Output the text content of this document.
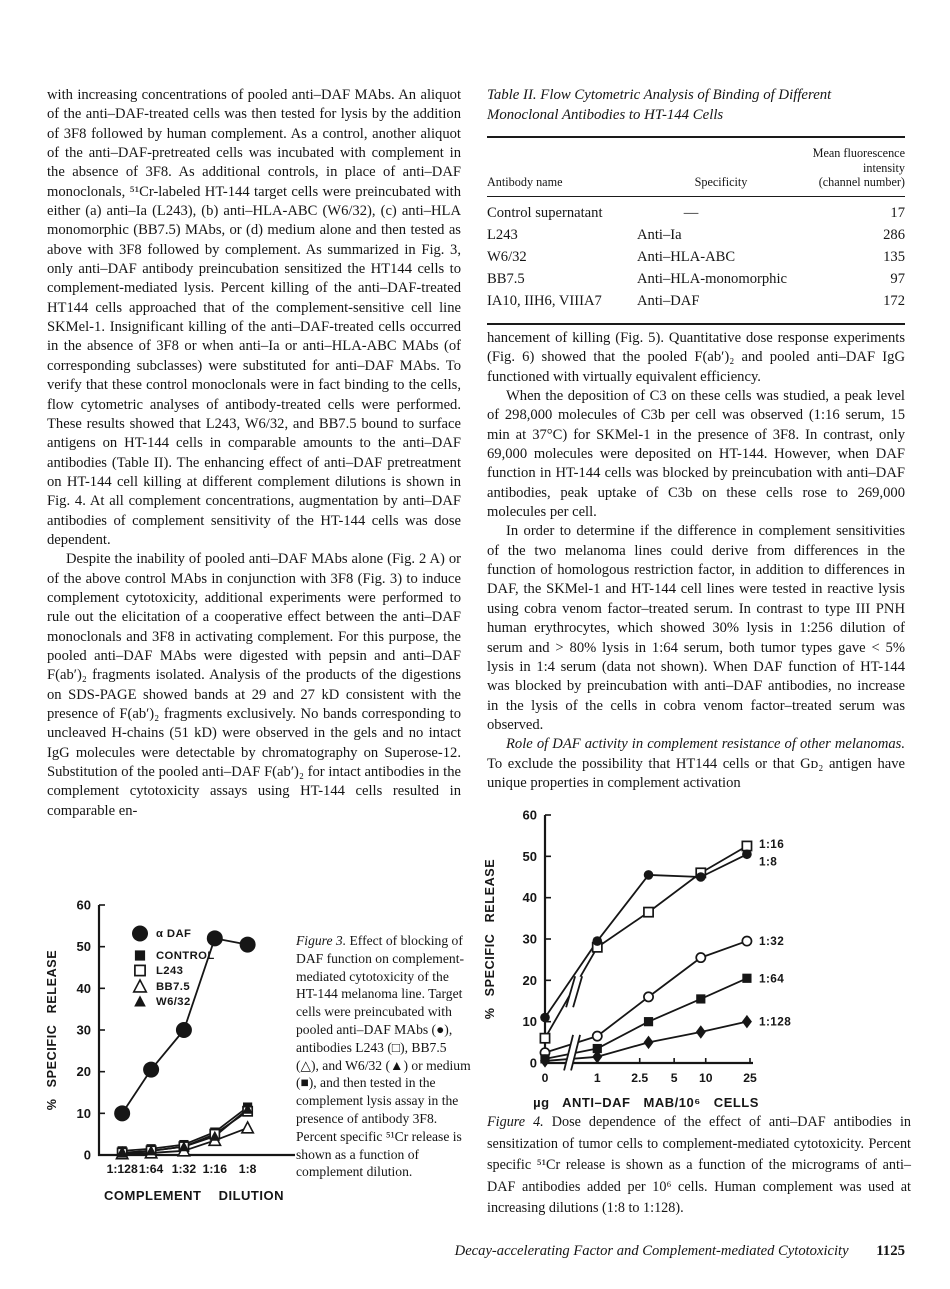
with increasing concentrations of pooled anti–DAF MAbs. An aliquot of the anti–DAF-treated cells was then tested for lysis by the addition of 3F8 followed by human complement. As a control, another aliquot of the anti–DAF-pretreated cells was incubated with complement in the absence of 3F8. As additional controls, in place of anti–DAF monoclonals, ⁵¹Cr-labeled HT-144 target cells were preincubated with either (a) anti–Ia (L243), (b) anti–HLA-ABC (W6/32), (c) anti–HLA monomorphic (BB7.5) MAbs, or (d) medium alone and then tested as above with 3F8 followed by complement. As summarized in Fig. 3, only anti–DAF antibody preincubation sensitized the HT144 cells to complement-mediated lysis. Percent killing of the anti–DAF-treated HT144 cells approached that of the complement-sensitive cell line SKMel-1. Insignificant killing of the anti–DAF-treated cells occurred in the absence of 3F8 or when anti–Ia or anti–HLA-ABC MAbs (of corresponding subclasses) were substituted for anti–DAF MAbs. To verify that these control monoclonals were in fact binding to the cells, flow cytometric analyses of antibody-treated cells were performed. These results showed that L243, W6/32, and BB7.5 bound to surface antigens on HT-144 cells in comparable amounts to the anti–DAF antibodies (Table II). The enhancing effect of anti–DAF pretreatment on HT-144 cell killing at different complement dilutions is shown in Fig. 4. At all complement concentrations, augmentation by anti–DAF antibodies of complement sensitivity of the HT-144 cells was dose dependent.

Despite the inability of pooled anti–DAF MAbs alone (Fig. 2 A) or of the above control MAbs in conjunction with 3F8 (Fig. 3) to induce complement cytotoxicity, additional experiments were performed to rule out the elicitation of a cooperative effect between the anti–DAF monoclonals and 3F8 in activating complement. For this purpose, the pooled anti–DAF MAbs were digested with pepsin and anti–DAF F(ab′)₂ fragments isolated. Analysis of the products of the digestions on SDS-PAGE showed bands at 29 and 27 kD consistent with the presence of F(ab′)₂ fragments exclusively. No bands corresponding to uncleaved H-chains (51 kD) were observed in the gels and no intact IgG molecules were detectable by chromatography on Superose-12. Substitution of the pooled anti–DAF F(ab′)₂ for intact antibodies in the complement cytotoxicity assays using HT-144 cells resulted in comparable en-

Table II. Flow Cytometric Analysis of Binding of Different Monoclonal Antibodies to HT-144 Cells
Antibody name	Specificity	Mean fluorescence
intensity
(channel number)
Control supernatant	—	17
L243	Anti–Ia	286
W6/32	Anti–HLA-ABC	135
BB7.5	Anti–HLA-monomorphic	97
IA10, IIH6, VIIIA7	Anti–DAF	172

hancement of killing (Fig. 5). Quantitative dose response experiments (Fig. 6) showed that the pooled F(ab′)₂ and pooled anti–DAF IgG functioned with virtually equivalent efficiency.

When the deposition of C3 on these cells was studied, a peak level of 298,000 molecules of C3b per cell was observed (1:16 serum, 15 min at 37°C) for SKMel-1 in the presence of 3F8. In contrast, only 69,000 molecules were deposited on HT-144. However, when DAF function in HT-144 cells was blocked by preincubation with anti–DAF antibodies, peak uptake of C3b on these cells rose to 269,000 molecules per cell.

In order to determine if the difference in complement sensitivities of the two melanoma lines could derive from differences in the function of homologous restriction factor, in addition to differences in DAF, the SKMel-1 and HT-144 cell lines were tested in reactive lysis using cobra venom factor–treated serum. In contrast to type III PNH human erythrocytes, which showed 30% lysis in 1:256 dilution of serum and > 80% lysis in 1:64 serum, both tumor types gave < 5% lysis in 1:4 serum (data not shown). When DAF function of HT-144 was blocked by preincubation with anti–DAF antibodies, no increase in the lysis of the cells in cobra venom factor–treated serum was observed.

Role of DAF activity in complement resistance of other melanomas. To exclude the possibility that HT144 cells or that Gᴅ₂ antigen have unique properties in complement activation

0
10
20
30
40
50
60
1:128 1:64 1:32 1:16 1:8
COMPLEMENT DILUTION
% SPECIFIC RELEASE
α DAF
CONTROL
L243
BB7.5
W6/32
Figure 3. Effect of blocking of DAF function on complement-mediated cytotoxicity of the HT-144 melanoma line. Target cells were preincubated with pooled anti–DAF MAbs (●), antibodies L243 (□), BB7.5 (△), and W6/32 (▲) or medium (■), and then tested in the complement lysis assay in the presence of antibody 3F8. Percent specific ⁵¹Cr release is shown as a function of complement dilution.
0
10
20
30
40
50
60
0	1	2.5 5 10	25
µg ANTI–DAF MAB/10⁶ CELLS
% SPECIFIC RELEASE
1:16
1:8
1:32
1:64
1:128
Figure 4. Dose dependence of the effect of anti–DAF antibodies in sensitization of tumor cells to complement-mediated cytotoxicity. Percent specific ⁵¹Cr release is shown as a function of the micrograms of anti–DAF antibodies added per 10⁶ cells. Human complement was used at increasing dilutions (1:8 to 1:128).
Decay-accelerating Factor and Complement-mediated Cytotoxicity 1125
